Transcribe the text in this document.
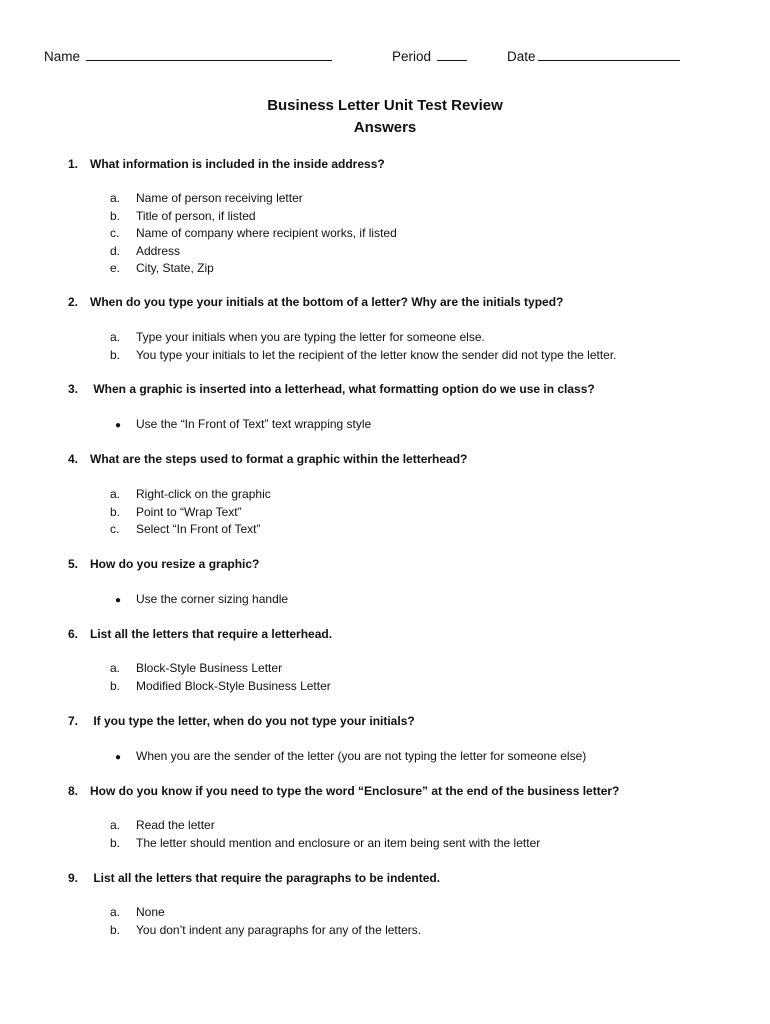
Name	Period	Date
Business Letter Unit Test Review
Answers
1. What information is included in the inside address?
a. Name of person receiving letter
b. Title of person, if listed
c. Name of company where recipient works, if listed
d. Address
e. City, State, Zip
2. When do you type your initials at the bottom of a letter? Why are the initials typed?
a. Type your initials when you are typing the letter for someone else.
b. You type your initials to let the recipient of the letter know the sender did not type the letter.
3. When a graphic is inserted into a letterhead, what formatting option do we use in class?
● Use the “In Front of Text” text wrapping style
4. What are the steps used to format a graphic within the letterhead?
a. Right-click on the graphic
b. Point to “Wrap Text”
c. Select “In Front of Text”
5. How do you resize a graphic?
● Use the corner sizing handle
6. List all the letters that require a letterhead.
a. Block-Style Business Letter
b. Modified Block-Style Business Letter
7. If you type the letter, when do you not type your initials?
● When you are the sender of the letter (you are not typing the letter for someone else)
8. How do you know if you need to type the word “Enclosure” at the end of the business letter?
a. Read the letter
b. The letter should mention and enclosure or an item being sent with the letter
9. List all the letters that require the paragraphs to be indented.
a. None
b. You don’t indent any paragraphs for any of the letters.
